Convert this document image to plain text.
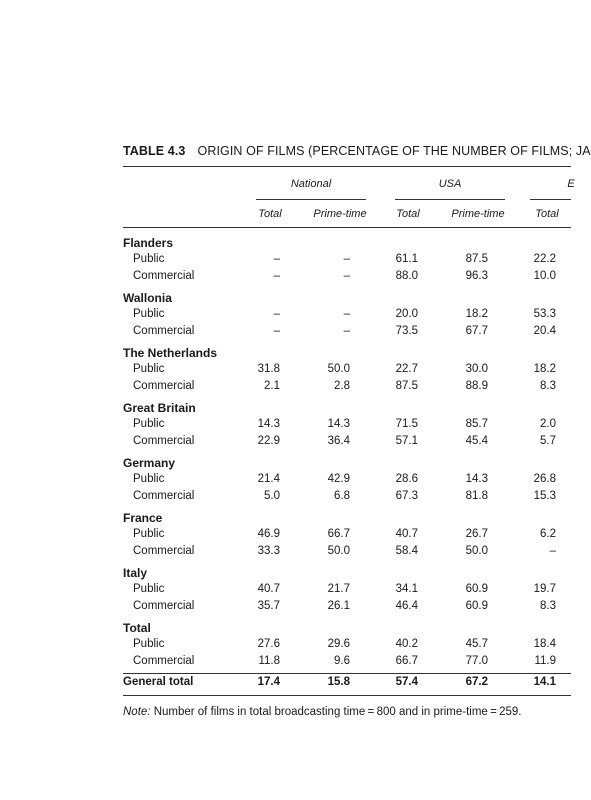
TABLE 4.3 ORIGIN OF FILMS (PERCENTAGE OF THE NUMBER OF FILMS; JA
National	USA	E
Total	Prime-time	Total	Prime-time	Total
Flanders
Public	–	–	61.1	87.5	22.2
Commercial	–	–	88.0	96.3	10.0
Wallonia
Public	–	–	20.0	18.2	53.3
Commercial	–	–	73.5	67.7	20.4
The Netherlands
Public	31.8	50.0	22.7	30.0	18.2
Commercial	2.1	2.8	87.5	88.9	8.3
Great Britain
Public	14.3	14.3	71.5	85.7	2.0
Commercial	22.9	36.4	57.1	45.4	5.7
Germany
Public	21.4	42.9	28.6	14.3	26.8
Commercial	5.0	6.8	67.3	81.8	15.3
France
Public	46.9	66.7	40.7	26.7	6.2
Commercial	33.3	50.0	58.4	50.0	–
Italy
Public	40.7	21.7	34.1	60.9	19.7
Commercial	35.7	26.1	46.4	60.9	8.3
Total
Public	27.6	29.6	40.2	45.7	18.4
Commercial	11.8	9.6	66.7	77.0	11.9
General total	17.4	15.8	57.4	67.2	14.1
Note: Number of films in total broadcasting time = 800 and in prime-time = 259.
